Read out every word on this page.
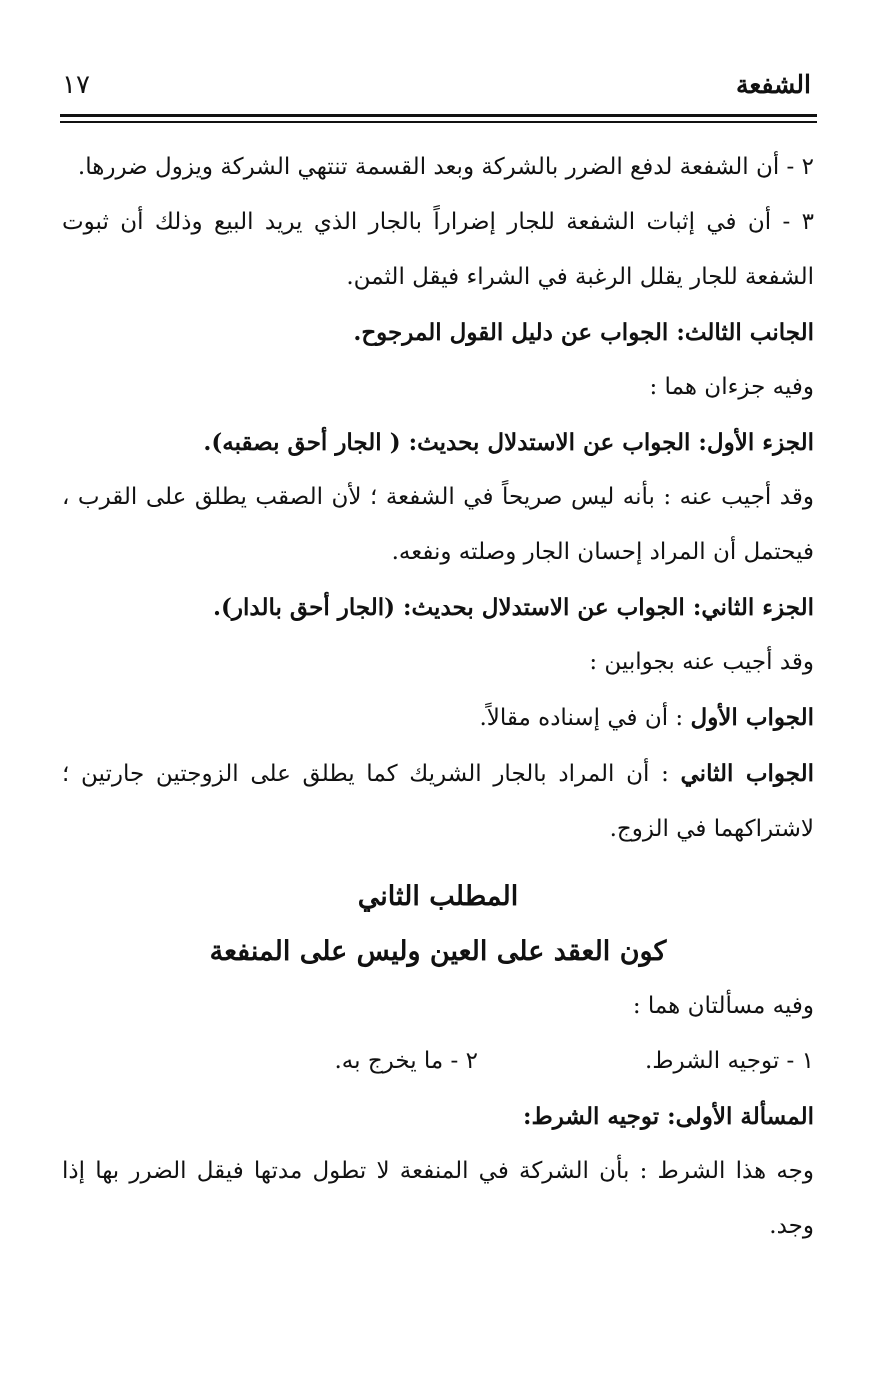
الشفعة
١٧

٢ - أن الشفعة لدفع الضرر بالشركة وبعد القسمة تنتهي الشركة ويزول ضررها.

٣ - أن في إثبات الشفعة للجار إضراراً بالجار الذي يريد البيع وذلك أن ثبوت الشفعة للجار يقلل الرغبة في الشراء فيقل الثمن.

الجانب الثالث: الجواب عن دليل القول المرجوح.

وفيه جزءان هما :

الجزء الأول: الجواب عن الاستدلال بحديث: ( الجار أحق بصقبه).

وقد أجيب عنه : بأنه ليس صريحاً في الشفعة ؛ لأن الصقب يطلق على القرب ، فيحتمل أن المراد إحسان الجار وصلته ونفعه.

الجزء الثاني: الجواب عن الاستدلال بحديث: (الجار أحق بالدار).

وقد أجيب عنه بجوابين :

الجواب الأول : أن في إسناده مقالاً.

الجواب الثاني : أن المراد بالجار الشريك كما يطلق على الزوجتين جارتين ؛ لاشتراكهما في الزوج.

المطلب الثاني

كون العقد على العين وليس على المنفعة

وفيه مسألتان هما :

١ - توجيه الشرط.
٢ - ما يخرج به.

المسألة الأولى: توجيه الشرط:

وجه هذا الشرط : بأن الشركة في المنفعة لا تطول مدتها فيقل الضرر بها إذا وجد.
